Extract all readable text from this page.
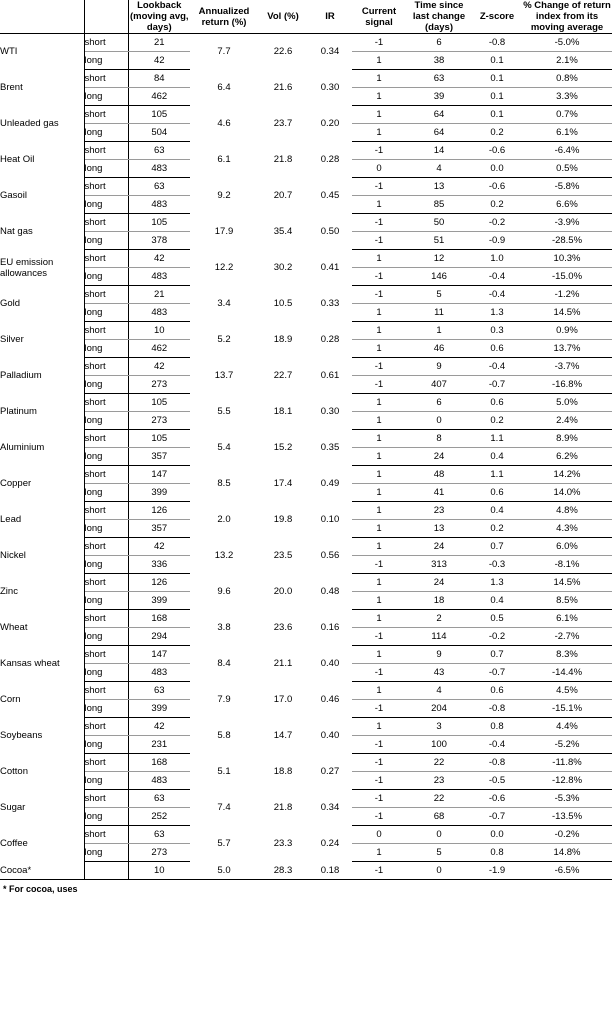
		Lookback (moving avg, days)	Annualized return (%)	Vol (%)	IR	Current signal	Time since last change (days)	Z-score	% Change of return index from its moving average
WTI	short	21	7.7	22.6	0.34	-1	6	-0.8	-5.0%
	long	42				1	38	0.1	2.1%
Brent	short	84	6.4	21.6	0.30	1	63	0.1	0.8%
	long	462				1	39	0.1	3.3%
Unleaded gas	short	105	4.6	23.7	0.20	1	64	0.1	0.7%
	long	504				1	64	0.2	6.1%
Heat Oil	short	63	6.1	21.8	0.28	-1	14	-0.6	-6.4%
	long	483				0	4	0.0	0.5%
Gasoil	short	63	9.2	20.7	0.45	-1	13	-0.6	-5.8%
	long	483				1	85	0.2	6.6%
Nat gas	short	105	17.9	35.4	0.50	-1	50	-0.2	-3.9%
	long	378				-1	51	-0.9	-28.5%
EU emission allowances	short	42	12.2	30.2	0.41	1	12	1.0	10.3%
	long	483				-1	146	-0.4	-15.0%
Gold	short	21	3.4	10.5	0.33	-1	5	-0.4	-1.2%
	long	483				1	11	1.3	14.5%
Silver	short	10	5.2	18.9	0.28	1	1	0.3	0.9%
	long	462				1	46	0.6	13.7%
Palladium	short	42	13.7	22.7	0.61	-1	9	-0.4	-3.7%
	long	273				-1	407	-0.7	-16.8%
Platinum	short	105	5.5	18.1	0.30	1	6	0.6	5.0%
	long	273				1	0	0.2	2.4%
Aluminium	short	105	5.4	15.2	0.35	1	8	1.1	8.9%
	long	357				1	24	0.4	6.2%
Copper	short	147	8.5	17.4	0.49	1	48	1.1	14.2%
	long	399				1	41	0.6	14.0%
Lead	short	126	2.0	19.8	0.10	1	23	0.4	4.8%
	long	357				1	13	0.2	4.3%
Nickel	short	42	13.2	23.5	0.56	1	24	0.7	6.0%
	long	336				-1	313	-0.3	-8.1%
Zinc	short	126	9.6	20.0	0.48	1	24	1.3	14.5%
	long	399				1	18	0.4	8.5%
Wheat	short	168	3.8	23.6	0.16	1	2	0.5	6.1%
	long	294				-1	114	-0.2	-2.7%
Kansas wheat	short	147	8.4	21.1	0.40	1	9	0.7	8.3%
	long	483				-1	43	-0.7	-14.4%
Corn	short	63	7.9	17.0	0.46	1	4	0.6	4.5%
	long	399				-1	204	-0.8	-15.1%
Soybeans	short	42	5.8	14.7	0.40	1	3	0.8	4.4%
	long	231				-1	100	-0.4	-5.2%
Cotton	short	168	5.1	18.8	0.27	-1	22	-0.8	-11.8%
	long	483				-1	23	-0.5	-12.8%
Sugar	short	63	7.4	21.8	0.34	-1	22	-0.6	-5.3%
	long	252				-1	68	-0.7	-13.5%
Coffee	short	63	5.7	23.3	0.24	0	0	0.0	-0.2%
	long	273				1	5	0.8	14.8%
Cocoa*		10	5.0	28.3	0.18	-1	0	-1.9	-6.5%
* For cocoa, uses
